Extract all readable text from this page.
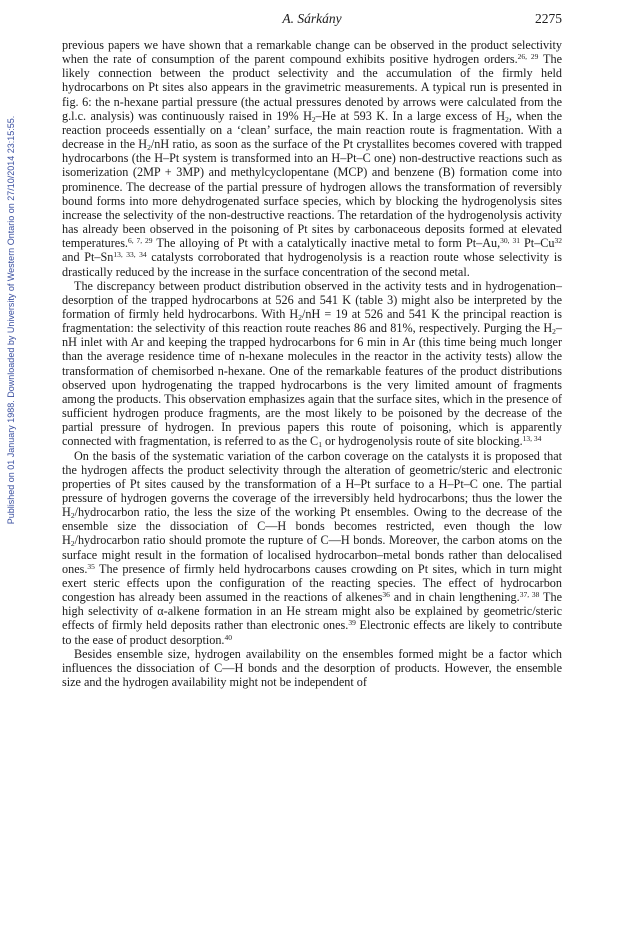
Published on 01 January 1988. Downloaded by University of Western Ontario on 27/10/2014 23:15:55.
A. Sárkány	2275

previous papers we have shown that a remarkable change can be observed in the product selectivity when the rate of consumption of the parent compound exhibits positive hydrogen orders.$^{26, 29}$ The likely connection between the product selectivity and the accumulation of the firmly held hydrocarbons on Pt sites also appears in the gravimetric measurements. A typical run is presented in fig. 6: the n-hexane partial pressure (the actual pressures denoted by arrows were calculated from the g.l.c. analysis) was continuously raised in 19% $H_2-He$ at 593 K. In a large excess of $H_2$, when the reaction proceeds essentially on a ‘clean’ surface, the main reaction route is fragmentation. With a decrease in the $H_2/nH$ ratio, as soon as the surface of the Pt crystallites becomes covered with trapped hydrocarbons (the H–Pt system is transformed into an H–Pt–C one) non-destructive reactions such as isomerization (2MP + 3MP) and methylcyclopentane (MCP) and benzene (B) formation come into prominence. The decrease of the partial pressure of hydrogen allows the transformation of reversibly bound forms into more dehydrogenated surface species, which by blocking the hydrogenolysis sites increase the selectivity of the non-destructive reactions. The retardation of the hydrogenolysis activity has already been observed in the poisoning of Pt sites by carbonaceous deposits formed at elevated temperatures.$^{6, 7, 29}$ The alloying of Pt with a catalytically inactive metal to form Pt–Au,$^{30, 31}$ Pt–Cu$^{32}$ and Pt–Sn$^{13, 33, 34}$ catalysts corroborated that hydrogenolysis is a reaction route whose selectivity is drastically reduced by the increase in the surface concentration of the second metal.

The discrepancy between product distribution observed in the activity tests and in hydrogenation–desorption of the trapped hydrocarbons at 526 and 541 K (table 3) might also be interpreted by the formation of firmly held hydrocarbons. With $H_2/nH = 19$ at 526 and 541 K the principal reaction is fragmentation: the selectivity of this reaction route reaches 86 and 81%, respectively. Purging the $H_2-nH$ inlet with Ar and keeping the trapped hydrocarbons for 6 min in Ar (this time being much longer than the average residence time of n-hexane molecules in the reactor in the activity tests) allow the transformation of chemisorbed n-hexane. One of the remarkable features of the product distributions observed upon hydrogenating the trapped hydrocarbons is the very limited amount of fragments among the products. This observation emphasizes again that the surface sites, which in the presence of sufficient hydrogen produce fragments, are the most likely to be poisoned by the decrease of the partial pressure of hydrogen. In previous papers this route of poisoning, which is apparently connected with fragmentation, is referred to as the $C_1$ or hydrogenolysis route of site blocking.$^{13, 34}$

On the basis of the systematic variation of the carbon coverage on the catalysts it is proposed that the hydrogen affects the product selectivity through the alteration of geometric/steric and electronic properties of Pt sites caused by the transformation of a H–Pt surface to a H–Pt–C one. The partial pressure of hydrogen governs the coverage of the irreversibly held hydrocarbons; thus the lower the $H_2$/hydrocarbon ratio, the less the size of the working Pt ensembles. Owing to the decrease of the ensemble size the dissociation of C—H bonds becomes restricted, even though the low $H_2$/hydrocarbon ratio should promote the rupture of C—H bonds. Moreover, the carbon atoms on the surface might result in the formation of localised hydrocarbon–metal bonds rather than delocalised ones.$^{35}$ The presence of firmly held hydrocarbons causes crowding on Pt sites, which in turn might exert steric effects upon the configuration of the reacting species. The effect of hydrocarbon congestion has already been assumed in the reactions of alkenes$^{36}$ and in chain lengthening.$^{37, 38}$ The high selectivity of α-alkene formation in an He stream might also be explained by geometric/steric effects of firmly held deposits rather than electronic ones.$^{39}$ Electronic effects are likely to contribute to the ease of product desorption.$^{40}$

Besides ensemble size, hydrogen availability on the ensembles formed might be a factor which influences the dissociation of C—H bonds and the desorption of products. However, the ensemble size and the hydrogen availability might not be independent of
